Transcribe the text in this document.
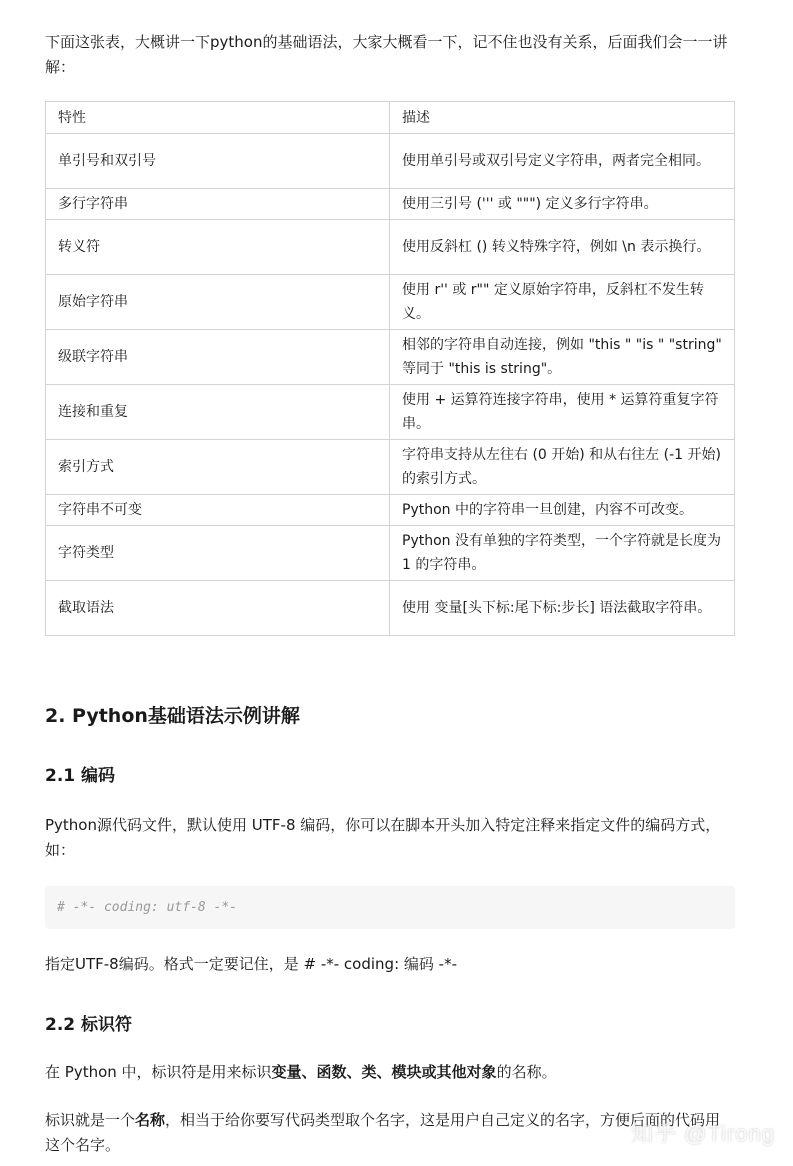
下面这张表，大概讲一下python的基础语法，大家大概看一下，记不住也没有关系，后面我们会一一讲解：

特性	描述
单引号和双引号	使用单引号或双引号定义字符串，两者完全相同。
多行字符串	使用三引号 (''' 或 """) 定义多行字符串。
转义符	使用反斜杠 () 转义特殊字符，例如 \n 表示换行。
原始字符串	使用 r'' 或 r"" 定义原始字符串，反斜杠不发生转义。
级联字符串	相邻的字符串自动连接，例如 "this " "is " "string" 等同于 "this is string"。
连接和重复	使用 + 运算符连接字符串，使用 * 运算符重复字符串。
索引方式	字符串支持从左往右 (0 开始) 和从右往左 (-1 开始) 的索引方式。
字符串不可变	Python 中的字符串一旦创建，内容不可改变。
字符类型	Python 没有单独的字符类型，一个字符就是长度为 1 的字符串。
截取语法	使用 变量[头下标:尾下标:步长] 语法截取字符串。
2. Python基础语法示例讲解
2.1 编码

Python源代码文件，默认使用 UTF-8 编码，你可以在脚本开头加入特定注释来指定文件的编码方式，如：

# -*- coding: utf-8 -*-

指定UTF-8编码。格式一定要记住，是 # -*- coding: 编码 -*-

2.2 标识符

在 Python 中，标识符是用来标识变量、函数、类、模块或其他对象的名称。

标识就是一个名称，相当于给你要写代码类型取个名字，这是用户自己定义的名字，方便后面的代码用这个名字。	知乎 @Tirong
